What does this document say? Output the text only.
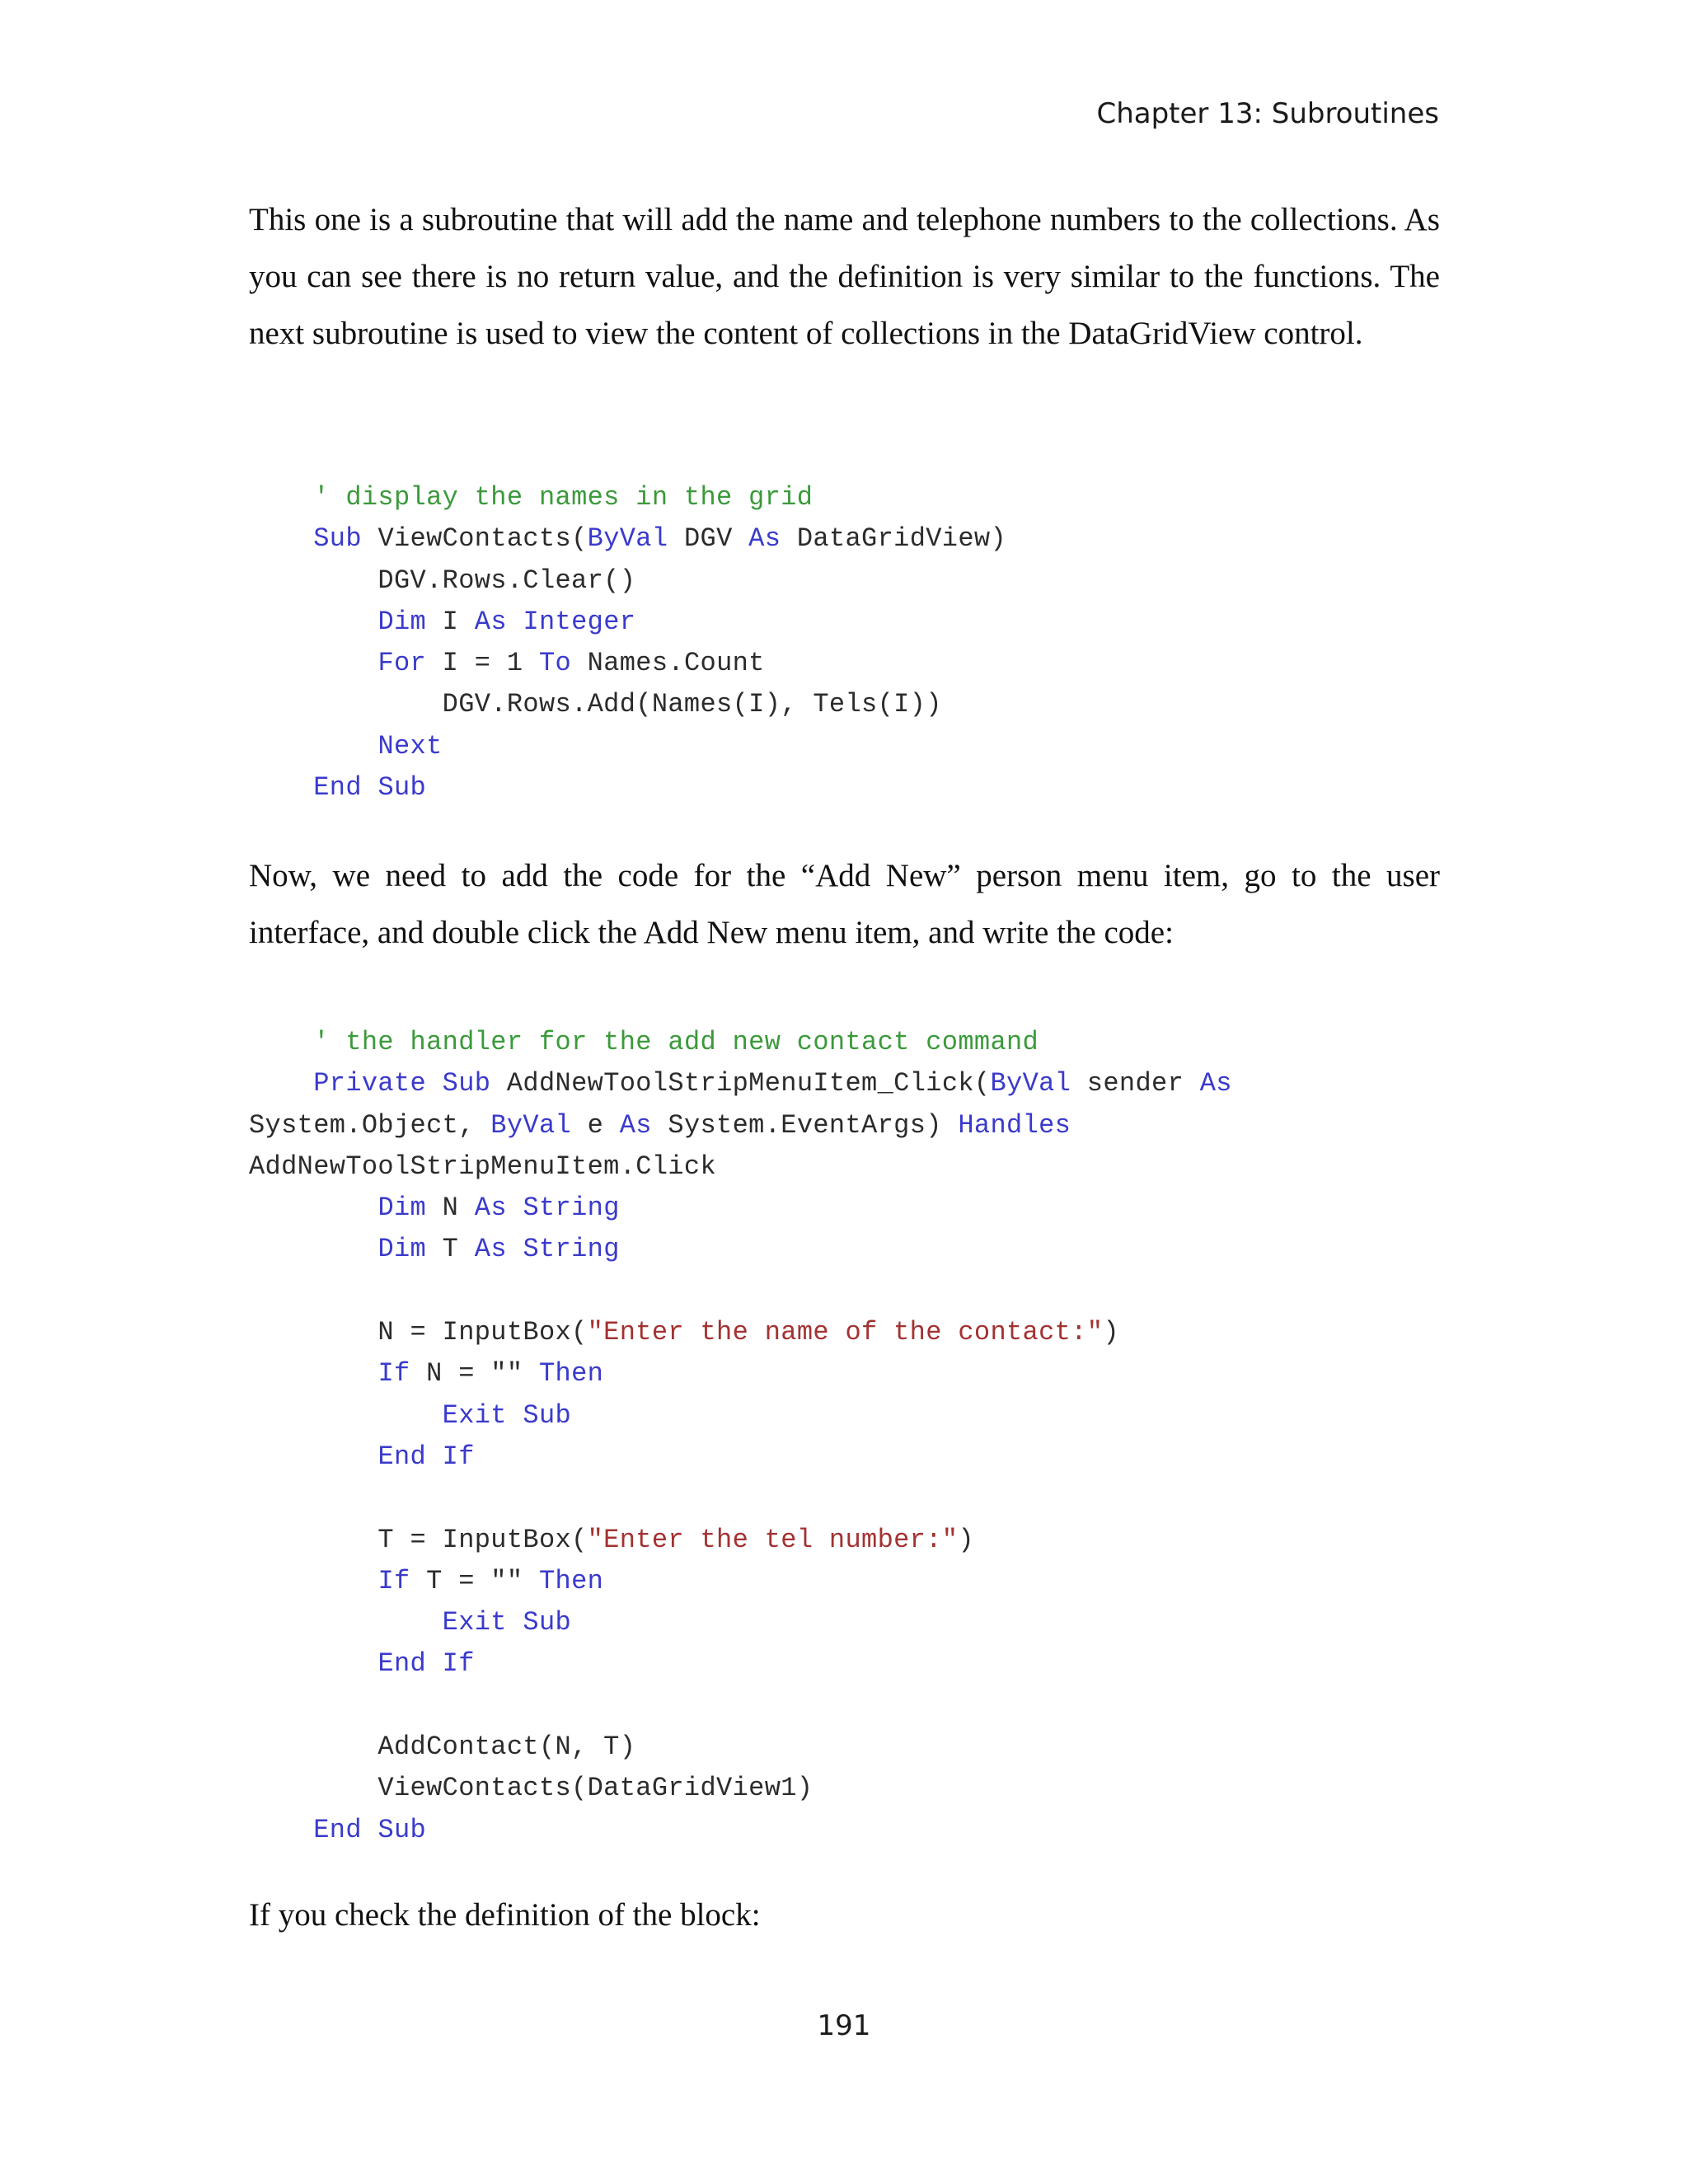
Chapter 13: Subroutines

This one is a subroutine that will add the name and telephone numbers to the collections. As you can see there is no return value, and the definition is very similar to the functions. The next subroutine is used to view the content of collections in the DataGridView control.

' display the names in the grid
Sub ViewContacts(ByVal DGV As DataGridView)
DGV.Rows.Clear()
Dim I As Integer
For I = 1 To Names.Count
DGV.Rows.Add(Names(I), Tels(I))
Next
End Sub

Now, we need to add the code for the “Add New” person menu item, go to the user interface, and double click the Add New menu item, and write the code:

' the handler for the add new contact command
Private Sub AddNewToolStripMenuItem_Click(ByVal sender As
System.Object, ByVal e As System.EventArgs) Handles
AddNewToolStripMenuItem.Click
Dim N As String
Dim T As String

N = InputBox("Enter the name of the contact:")
If N = "" Then
Exit Sub
End If

T = InputBox("Enter the tel number:")
If T = "" Then
Exit Sub
End If

AddContact(N, T)
ViewContacts(DataGridView1)
End Sub

If you check the definition of the block:

191
